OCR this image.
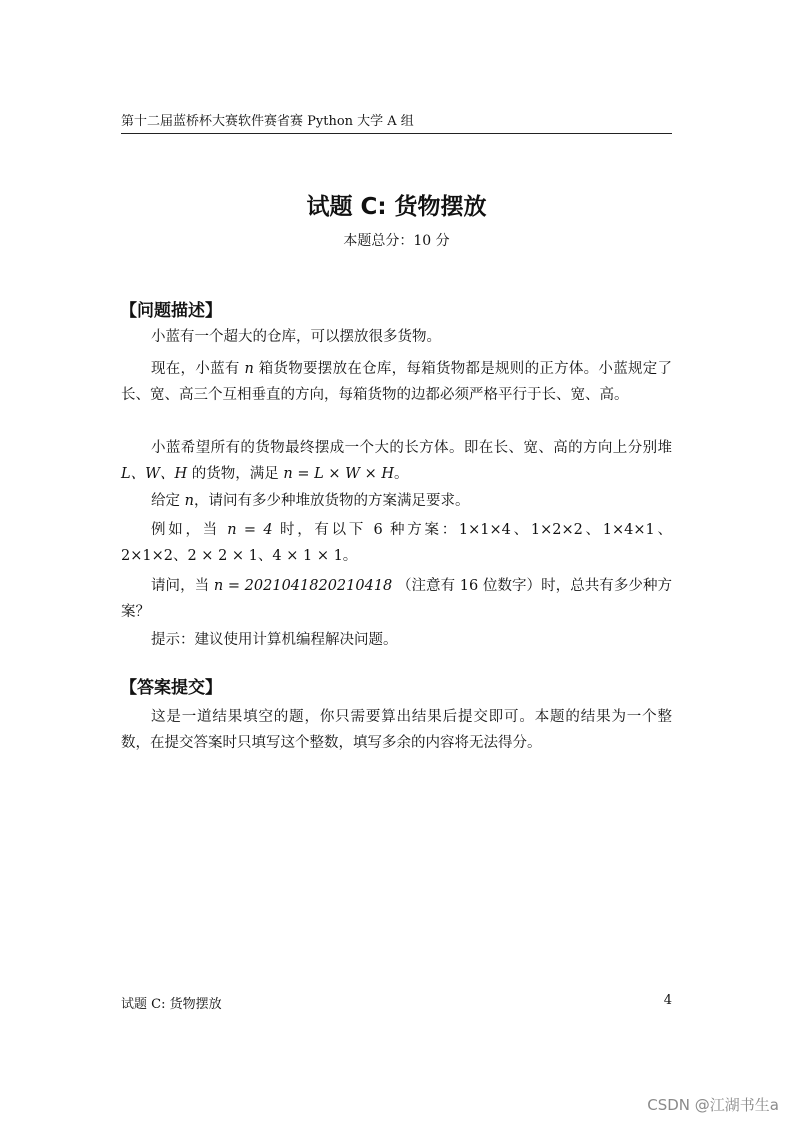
第十二届蓝桥杯大赛软件赛省赛 Python 大学 A 组
试题 C: 货物摆放
本题总分：10 分
【问题描述】

小蓝有一个超大的仓库，可以摆放很多货物。

现在，小蓝有 n 箱货物要摆放在仓库，每箱货物都是规则的正方体。小蓝规定了长、宽、高三个互相垂直的方向，每箱货物的边都必须严格平行于长、宽、高。

小蓝希望所有的货物最终摆成一个大的长方体。即在长、宽、高的方向上分别堆 L、W、H 的货物，满足 n = L × W × H。

给定 n，请问有多少种堆放货物的方案满足要求。

例如，当 n = 4 时，有以下 6 种方案：1×1×4、1×2×2、1×4×1、2×1×2、2 × 2 × 1、4 × 1 × 1。

请问，当 n = 2021041820210418 （注意有 16 位数字）时，总共有多少种方案？

提示：建议使用计算机编程解决问题。

【答案提交】

这是一道结果填空的题，你只需要算出结果后提交即可。本题的结果为一个整数，在提交答案时只填写这个整数，填写多余的内容将无法得分。

试题 C: 货物摆放	4
CSDN @江湖书生a
